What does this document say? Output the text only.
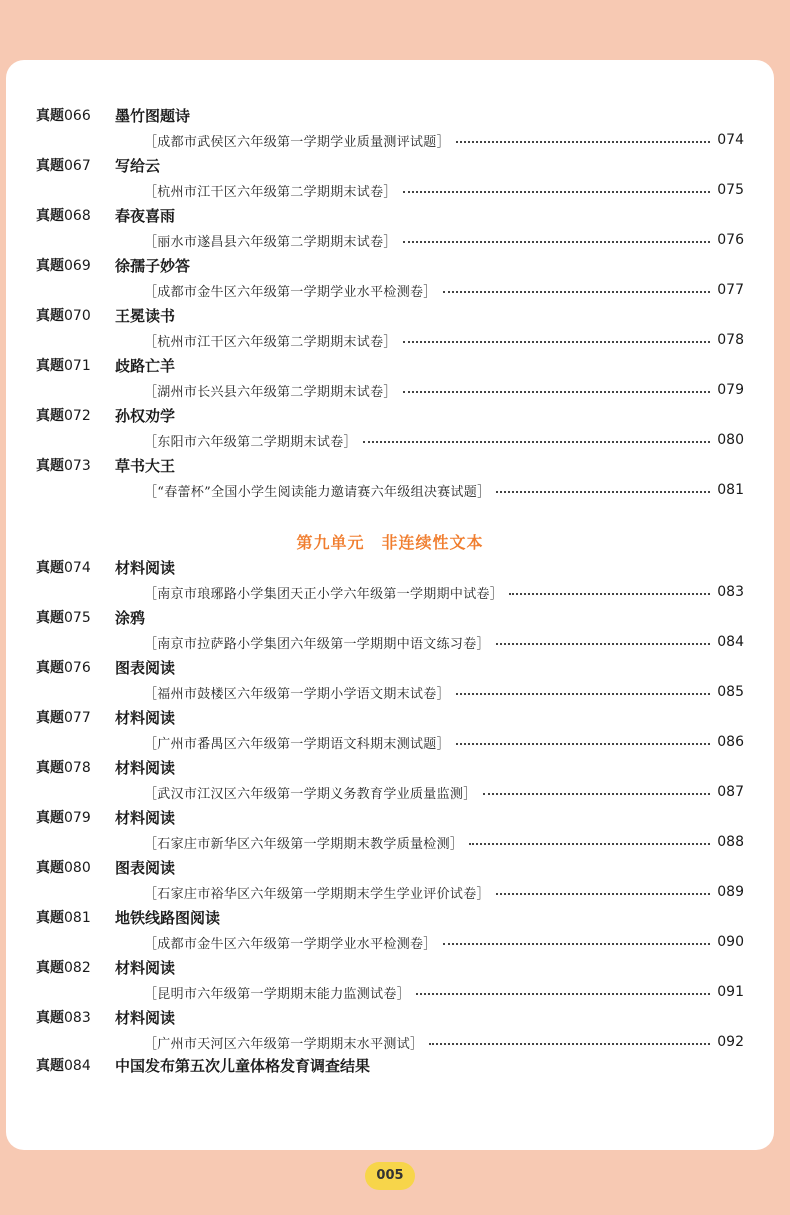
真题066 墨竹图题诗
［成都市武侯区六年级第一学期学业质量测评试题］	074
真题067 写给云
［杭州市江干区六年级第二学期期末试卷］	075
真题068 春夜喜雨
［丽水市遂昌县六年级第二学期期末试卷］	076
真题069 徐孺子妙答
［成都市金牛区六年级第一学期学业水平检测卷］	077
真题070 王冕读书
［杭州市江干区六年级第二学期期末试卷］	078
真题071 歧路亡羊
［湖州市长兴县六年级第二学期期末试卷］	079
真题072 孙权劝学
［东阳市六年级第二学期期末试卷］	080
真题073 草书大王
［“春蕾杯”全国小学生阅读能力邀请赛六年级组决赛试题］	081
第九单元　非连续性文本
真题074 材料阅读
［南京市琅琊路小学集团天正小学六年级第一学期期中试卷］	083
真题075 涂鸦
［南京市拉萨路小学集团六年级第一学期期中语文练习卷］	084
真题076 图表阅读
［福州市鼓楼区六年级第一学期小学语文期末试卷］	085
真题077 材料阅读
［广州市番禺区六年级第一学期语文科期末测试题］	086
真题078 材料阅读
［武汉市江汉区六年级第一学期义务教育学业质量监测］	087
真题079 材料阅读
［石家庄市新华区六年级第一学期期末教学质量检测］	088
真题080 图表阅读
［石家庄市裕华区六年级第一学期期末学生学业评价试卷］	089
真题081 地铁线路图阅读
［成都市金牛区六年级第一学期学业水平检测卷］	090
真题082 材料阅读
［昆明市六年级第一学期期末能力监测试卷］	091
真题083 材料阅读
［广州市天河区六年级第一学期期末水平测试］	092
真题084 中国发布第五次儿童体格发育调查结果
005
